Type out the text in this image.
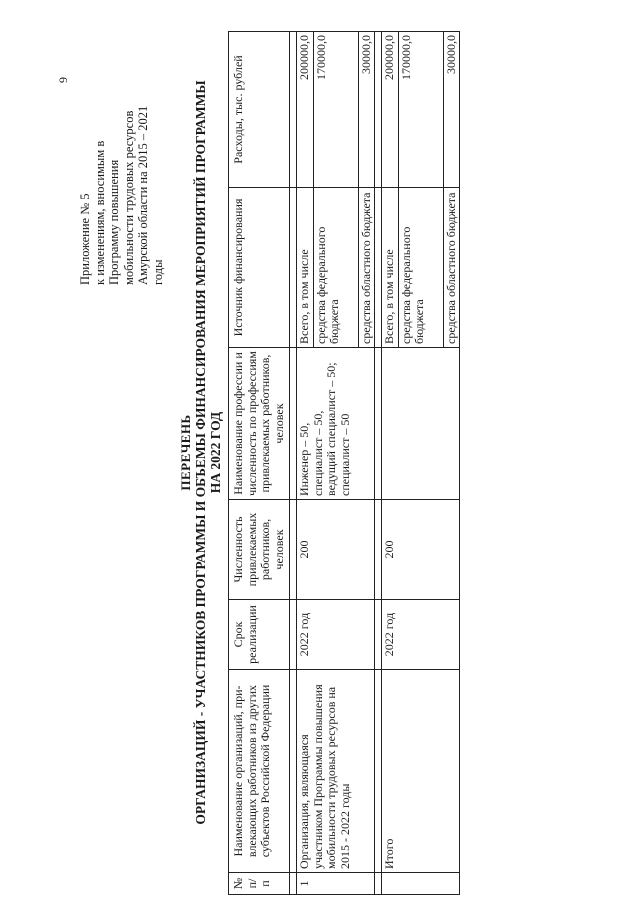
9
Приложение № 5 к изменениям, вносимым в Программу повышения мобильности трудовых ресурсов Амурской области на 2015 – 2021 годы
ПЕРЕЧЕНЬ ОРГАНИЗАЦИЙ - УЧАСТНИКОВ ПРОГРАММЫ И ОБЪЕМЫ ФИНАНСИРОВАНИЯ МЕРОПРИЯТИЙ ПРОГРАММЫ НА 2022 ГОД
№ п/п	Наименование организаций, при- влекающих работников из других субъектов Российской Федерации	Срок реализации	Численность привлекаемых работников, человек	Наименование профессии и численность по профессиям привлекаемых работников, человек	Источник финансирования	Расходы, тыс. рублей

1	Организация, являющаяся участником Программы повышения мобильности трудовых ресурсов на 2015 - 2022 годы	2022 год	200	Инженер – 50, специалист – 50, ведущий специалист – 50; специалист – 50	Всего, в том числе	200000,0
					средства федерального бюджета	170000,0
					средства областного бюджета	30000,0

	Итого	2022 год	200		Всего, в том числе	200000,0
					средства федерального бюджета	170000,0
					средства областного бюджета	30000,0
